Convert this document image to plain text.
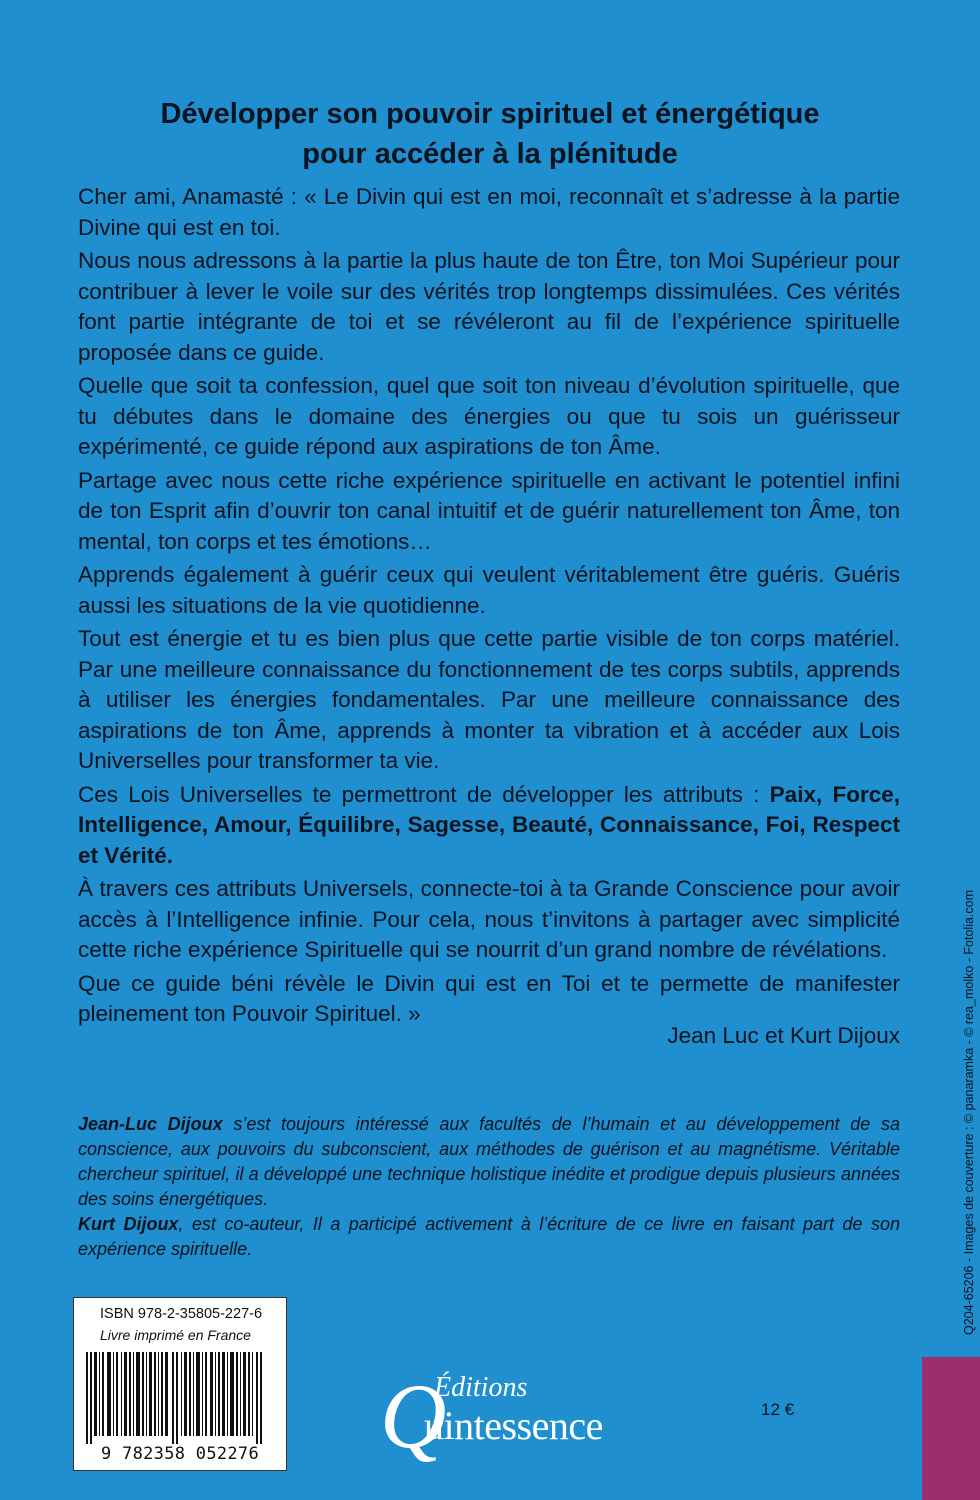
Développer son pouvoir spirituel et énergétique
pour accéder à la plénitude

Cher ami, Anamasté : « Le Divin qui est en moi, reconnaît et s’adresse à la partie Divine qui est en toi.

Nous nous adressons à la partie la plus haute de ton Être, ton Moi Supérieur pour contribuer à lever le voile sur des vérités trop longtemps dissimulées. Ces vérités font partie intégrante de toi et se révéleront au fil de l’expérience spirituelle proposée dans ce guide.

Quelle que soit ta confession, quel que soit ton niveau d’évolution spirituelle, que tu débutes dans le domaine des énergies ou que tu sois un guérisseur expérimenté, ce guide répond aux aspirations de ton Âme.

Partage avec nous cette riche expérience spirituelle en activant le potentiel infini de ton Esprit afin d’ouvrir ton canal intuitif et de guérir naturellement ton Âme, ton mental, ton corps et tes émotions…

Apprends également à guérir ceux qui veulent véritablement être guéris. Guéris aussi les situations de la vie quotidienne.

Tout est énergie et tu es bien plus que cette partie visible de ton corps matériel. Par une meilleure connaissance du fonctionnement de tes corps subtils, apprends à utiliser les énergies fondamentales. Par une meilleure connaissance des aspirations de ton Âme, apprends à monter ta vibration et à accéder aux Lois Universelles pour transformer ta vie.

Ces Lois Universelles te permettront de développer les attributs : Paix, Force, Intelligence, Amour, Équilibre, Sagesse, Beauté, Connaissance, Foi, Respect et Vérité.

À travers ces attributs Universels, connecte-toi à ta Grande Conscience pour avoir accès à l’Intelligence infinie. Pour cela, nous t’invitons à partager avec simplicité cette riche expérience Spirituelle qui se nourrit d’un grand nombre de révélations.

Que ce guide béni révèle le Divin qui est en Toi et te permette de manifester pleinement ton Pouvoir Spirituel. »

Jean Luc et Kurt Dijoux

Jean-Luc Dijoux s’est toujours intéressé aux facultés de l’humain et au développement de sa conscience, aux pouvoirs du subconscient, aux méthodes de guérison et au magnétisme. Véritable chercheur spirituel, il a développé une technique holistique inédite et prodigue depuis plusieurs années des soins énergétiques.

Kurt Dijoux, est co-auteur, Il a participé activement à l’écriture de ce livre en faisant part de son expérience spirituelle.	Q204-65206 - Images de couverture : © panaramka - © rea_molko - Fotolia.com
ISBN 978-2-35805-227-6
Livre imprimé en France
9 782358 052276 Q
Éditions
uintessence	12 €
